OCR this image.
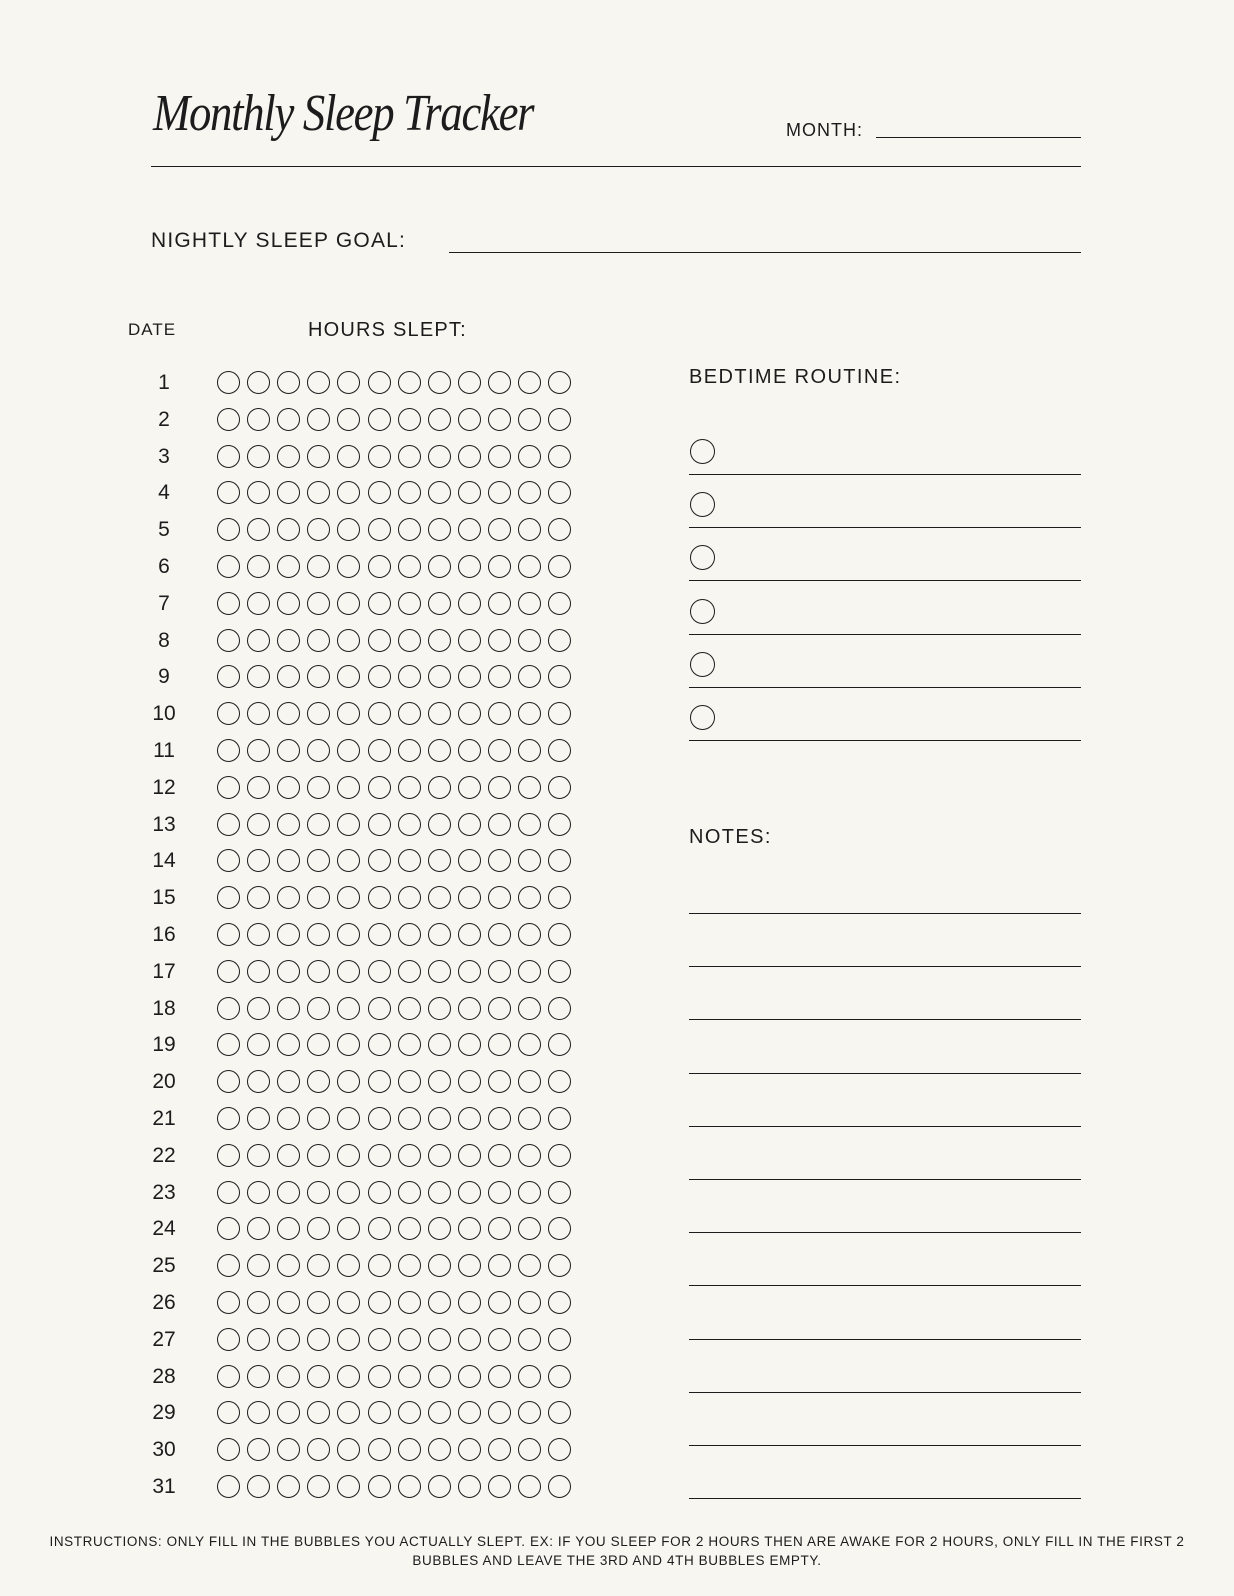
Monthly Sleep Tracker	MONTH:
NIGHTLY SLEEP GOAL:
DATE	HOURS SLEPT:
1
2
3
4
5
6
7
8
9
10
11
12
13
14
15
16
17
18
19
20
21
22
23
24
25
26
27
28
29
30
31
BEDTIME ROUTINE:
NOTES:
INSTRUCTIONS: ONLY FILL IN THE BUBBLES YOU ACTUALLY SLEPT. EX: IF YOU SLEEP FOR 2 HOURS THEN ARE AWAKE FOR 2 HOURS, ONLY FILL IN THE FIRST 2 BUBBLES AND LEAVE THE 3RD AND 4TH BUBBLES EMPTY.
